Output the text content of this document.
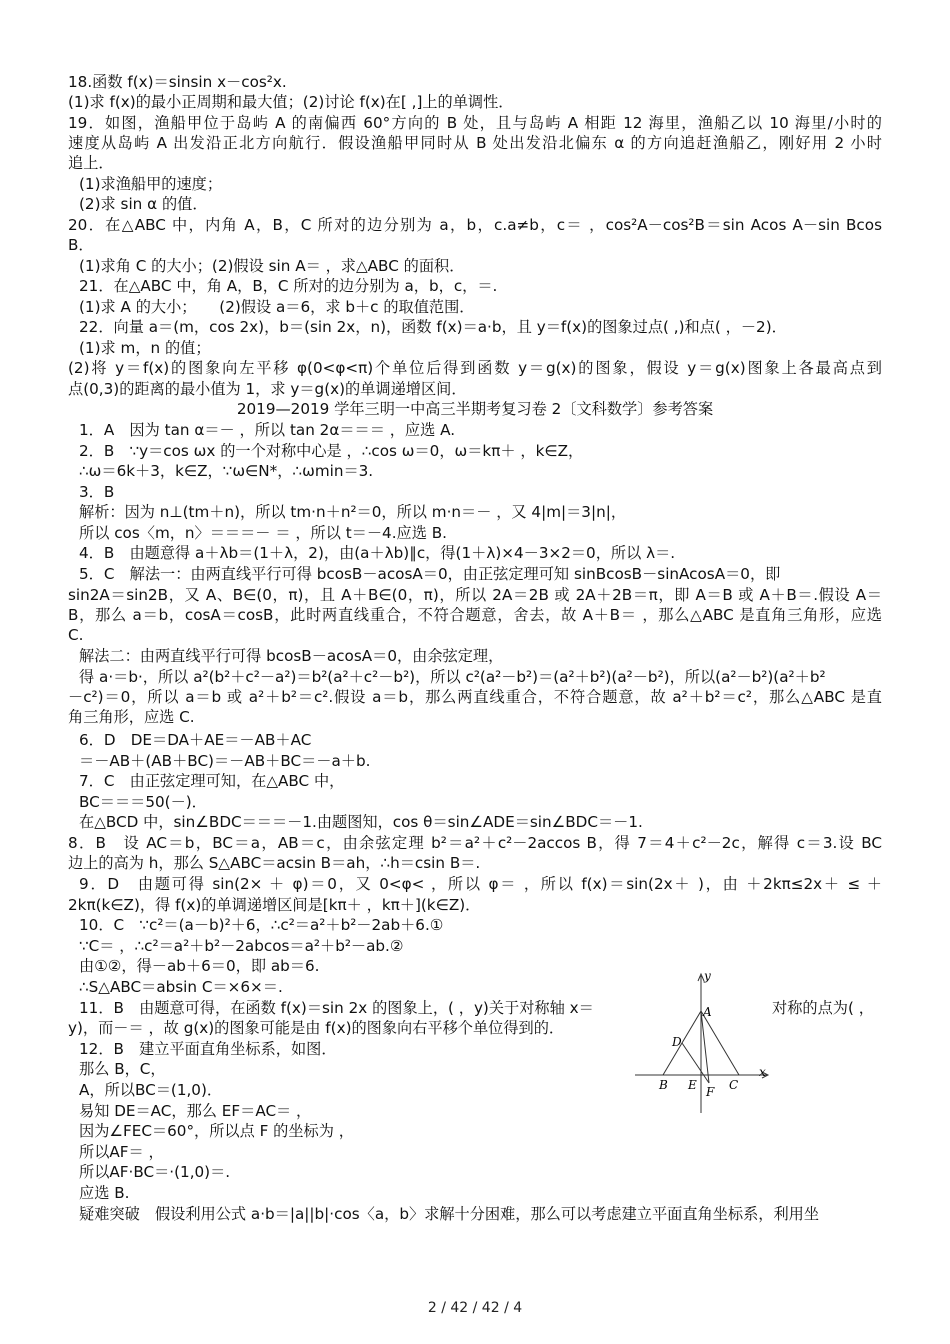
18.函数 f(x)＝sinsin x－cos²x.
(1)求 f(x)的最小正周期和最大值；(2)讨论 f(x)在[ ,]上的单调性．
19．如图，渔船甲位于岛屿 A 的南偏西 60°方向的 B 处，且与岛屿 A 相距 12 海里，渔船乙以 10 海里/小时的
速度从岛屿 A 出发沿正北方向航行．假设渔船甲同时从 B 处出发沿北偏东 α 的方向追赶渔船乙，刚好用 2 小时
追上．
(1)求渔船甲的速度；
(2)求 sin α 的值．
20．在△ABC 中，内角 A，B，C 所对的边分别为 a，b，c.a≠b，c＝ ，cos²A－cos²B＝sin Acos A－sin Bcos
B．
(1)求角 C 的大小；(2)假设 sin A＝ ，求△ABC 的面积．
21．在△ABC 中，角 A，B，C 所对的边分别为 a，b，c，＝.
(1)求 A 的大小；　　(2)假设 a＝6，求 b＋c 的取值范围．
22．向量 a＝(m，cos 2x)，b＝(sin 2x，n)，函数 f(x)＝a·b，且 y＝f(x)的图象过点( ,)和点( ，－2)．
(1)求 m，n 的值；
(2)将 y＝f(x)的图象向左平移 φ(0<φ<π)个单位后得到函数 y＝g(x)的图象，假设 y＝g(x)图象上各最高点到
点(0,3)的距离的最小值为 1，求 y＝g(x)的单调递增区间．
2019—2019 学年三明一中高三半期考复习卷 2〔文科数学〕参考答案
1．A　因为 tan α＝－ ，所以 tan 2α＝＝＝ ，应选 A.
2．B　∵y＝cos ωx 的一个对称中心是 ，∴cos ω＝0，ω＝kπ＋ ，k∈Z，
∴ω＝6k＋3，k∈Z，∵ω∈N*，∴ωmin＝3.
3．B
解析：因为 n⊥(tm＋n)，所以 tm·n＋n²＝0，所以 m·n＝－ ，又 4|m|＝3|n|，
所以 cos〈m，n〉＝＝＝－ ＝ ，所以 t＝－4.应选 B.
4．B　由题意得 a＋λb＝(1＋λ，2)，由(a＋λb)∥c，得(1＋λ)×4－3×2＝0，所以 λ＝.
5．C　解法一：由两直线平行可得 bcosB－acosA＝0，由正弦定理可知 sinBcosB－sinAcosA＝0，即
sin2A＝sin2B，又 A、B∈(0，π)，且 A＋B∈(0，π)，所以 2A＝2B 或 2A＋2B＝π，即 A＝B 或 A＋B＝.假设 A＝
B，那么 a＝b，cosA＝cosB，此时两直线重合，不符合题意，舍去，故 A＋B＝ ，那么△ABC 是直角三角形，应选
C.
解法二：由两直线平行可得 bcosB－acosA＝0，由余弦定理，
得 a·＝b·，所以 a²(b²＋c²－a²)＝b²(a²＋c²－b²)，所以 c²(a²－b²)＝(a²＋b²)(a²－b²)，所以(a²－b²)(a²＋b²
－c²)＝0，所以 a＝b 或 a²＋b²＝c².假设 a＝b，那么两直线重合，不符合题意，故 a²＋b²＝c²，那么△ABC 是直
角三角形，应选 C.
6．D　DE＝DA＋AE＝－AB＋AC
＝－AB＋(AB＋BC)＝－AB＋BC＝－a＋b.
7．C　由正弦定理可知，在△ABC 中，
BC＝＝＝50(－)．
在△BCD 中，sin∠BDC＝＝＝－1.由题图知，cos θ＝sin∠ADE＝sin∠BDC＝－1.
8．B　设 AC＝b，BC＝a，AB＝c，由余弦定理 b²＝a²＋c²－2accos B，得 7＝4＋c²－2c，解得 c＝3.设 BC
边上的高为 h，那么 S△ABC＝acsin B＝ah，∴h＝csin B＝.
9．D　由题可得 sin(2× ＋ φ)＝0，又 0<φ< ，所以 φ＝ ，所以 f(x)＝sin(2x＋ )，由 ＋2kπ≤2x＋ ≤ ＋
2kπ(k∈Z)，得 f(x)的单调递增区间是[kπ＋ ，kπ＋](k∈Z)．
10．C　∵c²＝(a－b)²＋6，∴c²＝a²＋b²－2ab＋6.①
∵C＝ ，∴c²＝a²＋b²－2abcos＝a²＋b²－ab.②
由①②，得－ab＋6＝0，即 ab＝6.
∴S△ABC＝absin C＝×6×＝.
11．B　由题意可得，在函数 f(x)＝sin 2x 的图象上，( ，y)关于对称轴 x＝	对称的点为( ，
y)，而－＝ ，故 g(x)的图象可能是由 f(x)的图象向右平移个单位得到的．
12．B　建立平面直角坐标系，如图．
那么 B，C，
A，所以BC＝(1,0)．
易知 DE＝AC，那么 EF＝AC＝ ，
因为∠FEC＝60°，所以点 F 的坐标为 ，
所以AF＝ ，
所以AF·BC＝·(1,0)＝.
应选 B.
疑难突破　假设利用公式 a·b＝|a||b|·cos〈a，b〉求解十分困难，那么可以考虑建立平面直角坐标系，利用坐
y
x
A
D
B E	C
F
2 / 42 / 42 / 4
